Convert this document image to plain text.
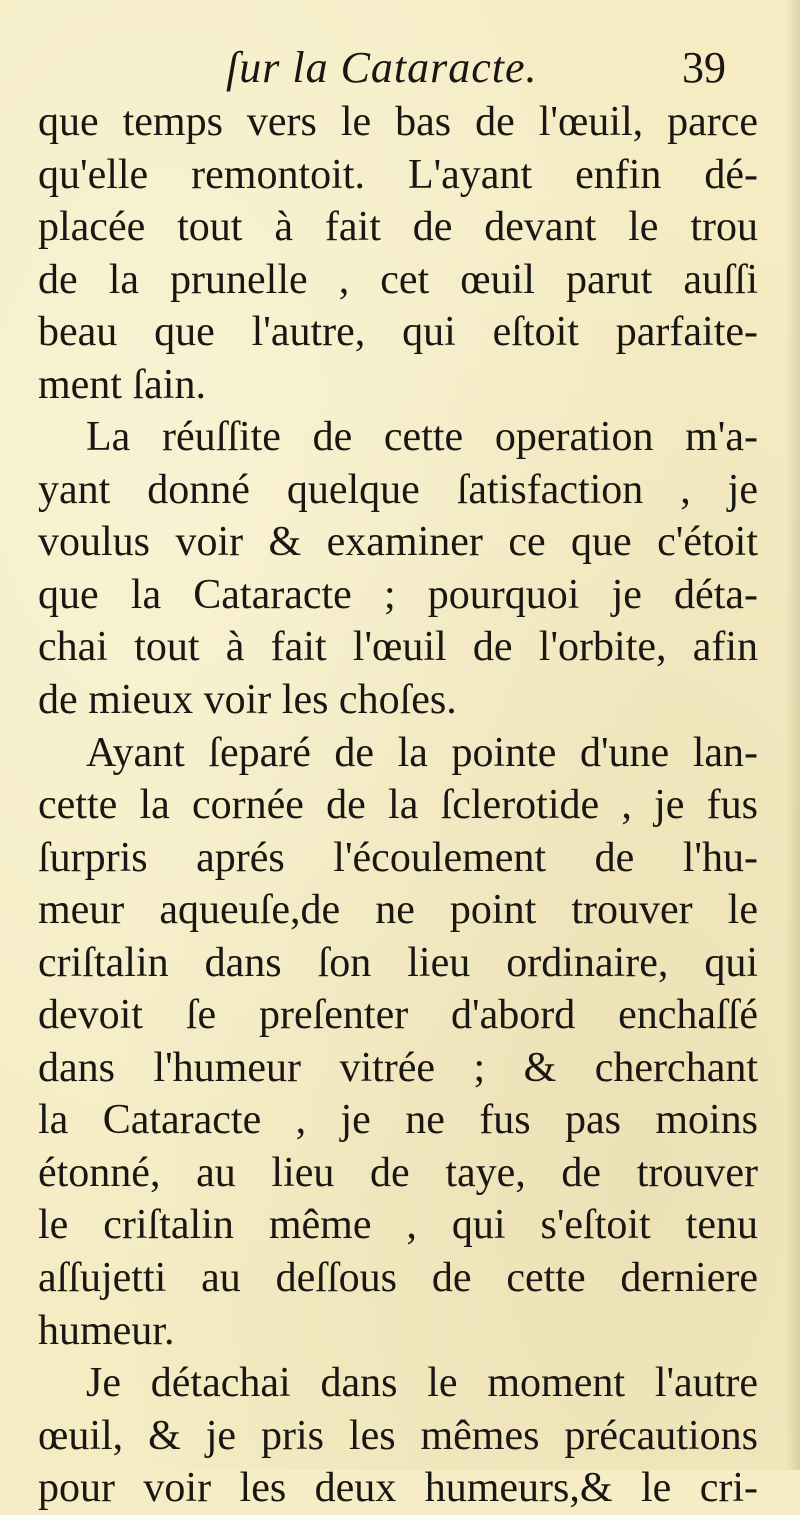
ſur la Cataracte.	39
que temps vers le bas de l'œuil, parce
qu'elle remontoit. L'ayant enfin dé-
placée tout à fait de devant le trou
de la prunelle , cet œuil parut auſſi
beau que l'autre, qui eſtoit parfaite-
ment ſain.
La réuſſite de cette operation m'a-
yant donné quelque ſatisfaction , je
voulus voir & examiner ce que c'étoit
que la Cataracte ; pourquoi je déta-
chai tout à fait l'œuil de l'orbite, afin
de mieux voir les choſes.
Ayant ſeparé de la pointe d'une lan-
cette la cornée de la ſclerotide , je fus
ſurpris aprés l'écoulement de l'hu-
meur aqueuſe,de ne point trouver le
criſtalin dans ſon lieu ordinaire, qui
devoit ſe preſenter d'abord enchaſſé
dans l'humeur vitrée ; & cherchant
la Cataracte , je ne fus pas moins
étonné, au lieu de taye, de trouver
le criſtalin même , qui s'eſtoit tenu
aſſujetti au deſſous de cette derniere
humeur.
Je détachai dans le moment l'autre
œuil, & je pris les mêmes précautions
pour voir les deux humeurs,& le cri-
